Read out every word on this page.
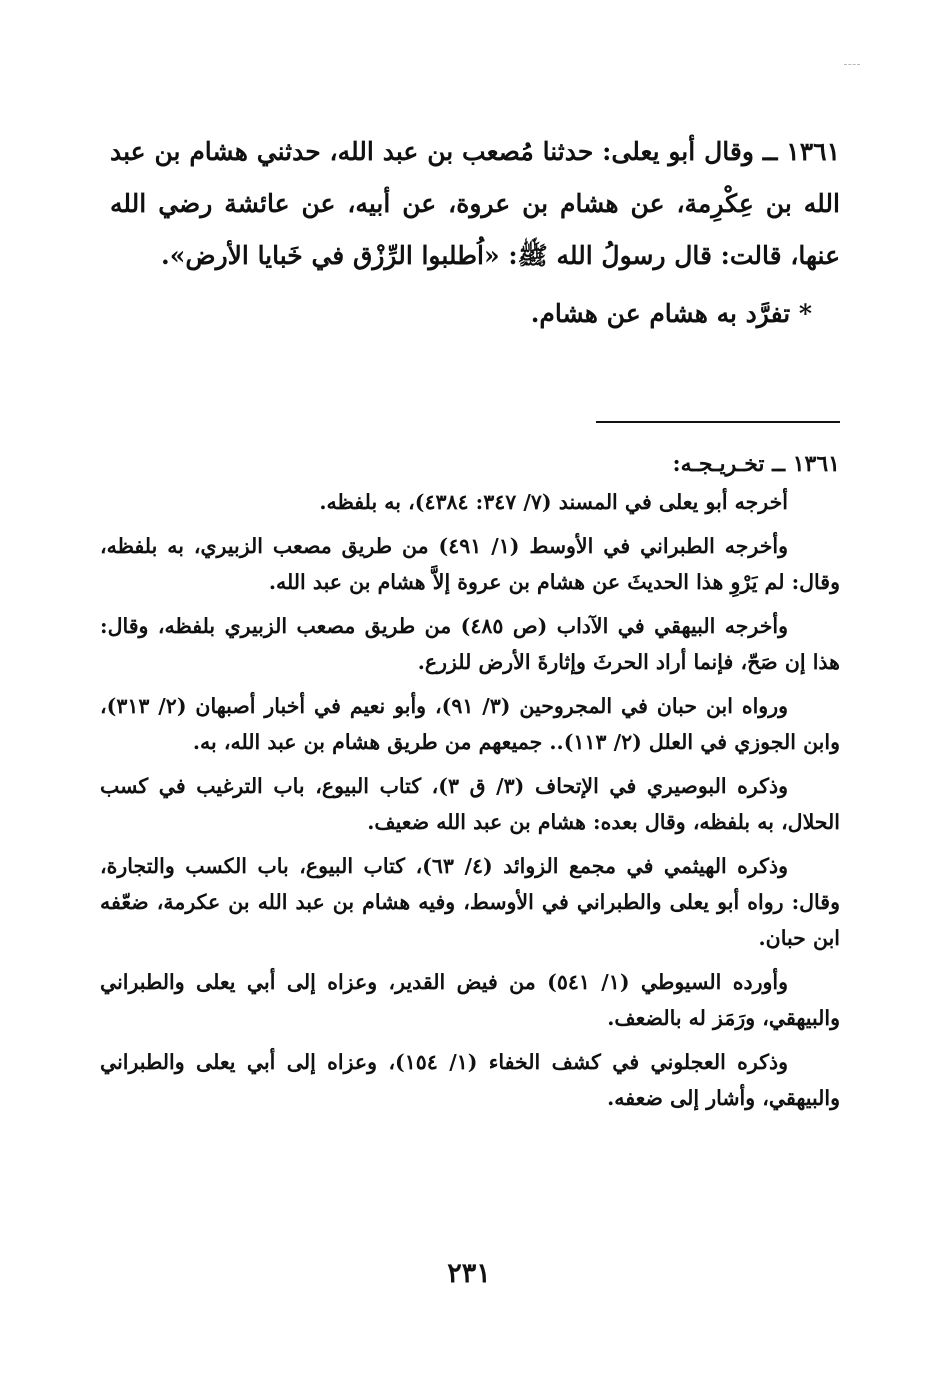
١٣٦١ ــ وقال أبو يعلى: حدثنا مُصعب بن عبد الله، حدثني هشام بن عبد الله بن عِكْرِمة، عن هشام بن عروة، عن أبيه، عن عائشة رضي الله عنها، قالت: قال رسولُ الله ﷺ: «اُطلبوا الرِّزْق في خَبايا الأرض».

* تفرَّد به هشام عن هشام.

١٣٦١ ــ تخـريـجـه:

أخرجه أبو يعلى في المسند (٧/ ٣٤٧: ٤٣٨٤)، به بلفظه.

وأخرجه الطبراني في الأوسط (١/ ٤٩١) من طريق مصعب الزبيري، به بلفظه، وقال: لم يَرْوِ هذا الحديثَ عن هشام بن عروة إلاَّ هشام بن عبد الله.

وأخرجه البيهقي في الآداب (ص ٤٨٥) من طريق مصعب الزبيري بلفظه، وقال: هذا إن صَحّ، فإنما أراد الحرثَ وإثارةَ الأرض للزرع.

ورواه ابن حبان في المجروحين (٣/ ٩١)، وأبو نعيم في أخبار أصبهان (٢/ ٣١٣)، وابن الجوزي في العلل (٢/ ١١٣).. جميعهم من طريق هشام بن عبد الله، به.

وذكره البوصيري في الإتحاف (٣/ ق ٣)، كتاب البيوع، باب الترغيب في كسب الحلال، به بلفظه، وقال بعده: هشام بن عبد الله ضعيف.

وذكره الهيثمي في مجمع الزوائد (٤/ ٦٣)، كتاب البيوع، باب الكسب والتجارة، وقال: رواه أبو يعلى والطبراني في الأوسط، وفيه هشام بن عبد الله بن عكرمة، ضعّفه ابن حبان.

وأورده السيوطي (١/ ٥٤١) من فيض القدير، وعزاه إلى أبي يعلى والطبراني والبيهقي، ورَمَز له بالضعف.

وذكره العجلوني في كشف الخفاء (١/ ١٥٤)، وعزاه إلى أبي يعلى والطبراني والبيهقي، وأشار إلى ضعفه.

٢٣١
